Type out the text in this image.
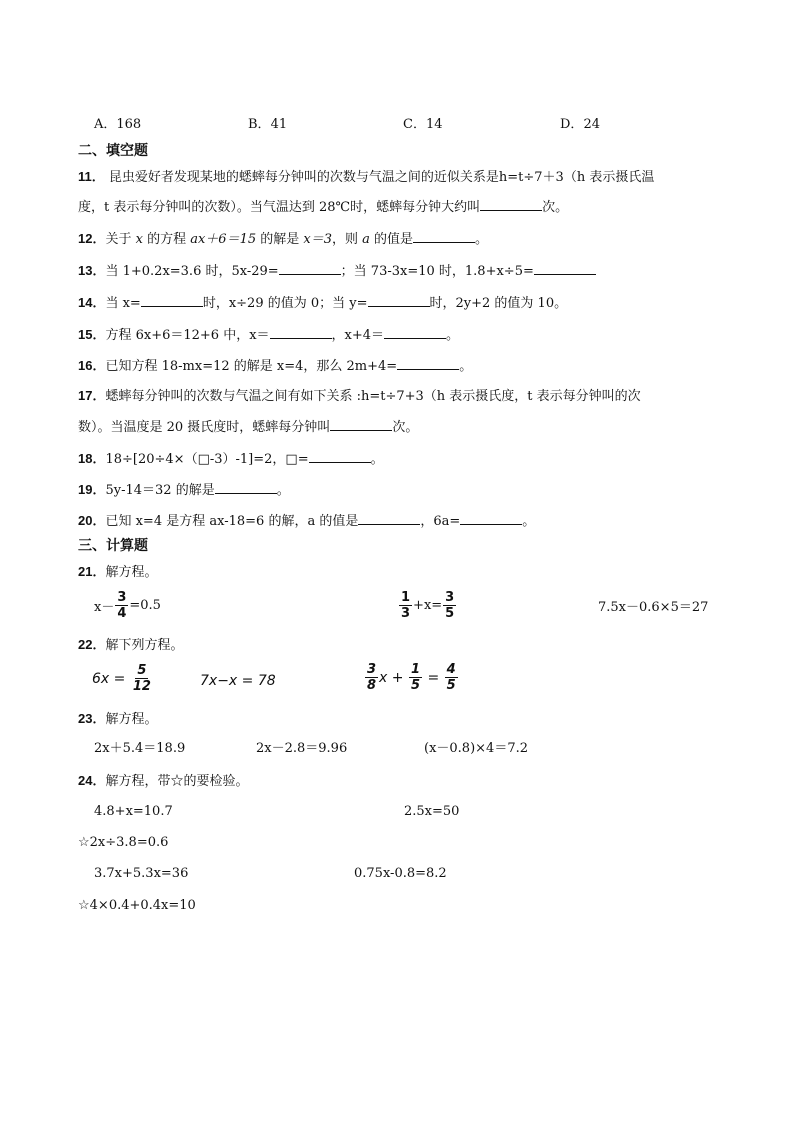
A．168	B．41	C．14	D．24
二、填空题
11． 昆虫爱好者发现某地的蟋蟀每分钟叫的次数与气温之间的近似关系是h=t÷7＋3（h 表示摄氏温
度，t 表示每分钟叫的次数）。当气温达到 28℃时，蟋蟀每分钟大约叫	次。
12．关于 x 的方程 ax＋6＝15 的解是 x＝3，则 a 的值是	。
13．当 1+0.2x=3.6 时，5x-29=	；当 73-3x=10 时，1.8+x÷5=
14．当 x=	时，x÷29 的值为 0；当 y=	时，2y+2 的值为 10。
15．方程 6x+6＝12+6 中，x＝	，x+4＝	。
16．已知方程 18-mx=12 的解是 x=4，那么 2m+4=	。
17．蟋蟀每分钟叫的次数与气温之间有如下关系 :h=t÷7+3（h 表示摄氏度，t 表示每分钟叫的次
数）。当温度是 20 摄氏度时，蟋蟀每分钟叫	次。
18．18÷[20÷4×（□-3）-1]=2，□=	。
19．5y-14＝32 的解是	。
20．已知 x=4 是方程 ax-18=6 的解，a 的值是	，6a=	。
三、计算题
21．解方程。
$x- \frac{3}{4} =0.5$	$\frac{1}{3} +x= \frac{3}{5}$	7.5x－0.6×5＝27
22．解下列方程。
$6x = \frac{5}{12}$	7x−x = 78	$\frac{3}{8}$ $x + \frac{1}{5} = \frac{4}{5}$
23．解方程。
2x＋5.4＝18.9	2x－2.8＝9.96	(x－0.8)×4＝7.2
24．解方程，带☆的要检验。
4.8+x=10.7	2.5x=50
☆2x÷3.8=0.6
3.7x+5.3x=36	0.75x-0.8=8.2
☆4×0.4+0.4x=10
